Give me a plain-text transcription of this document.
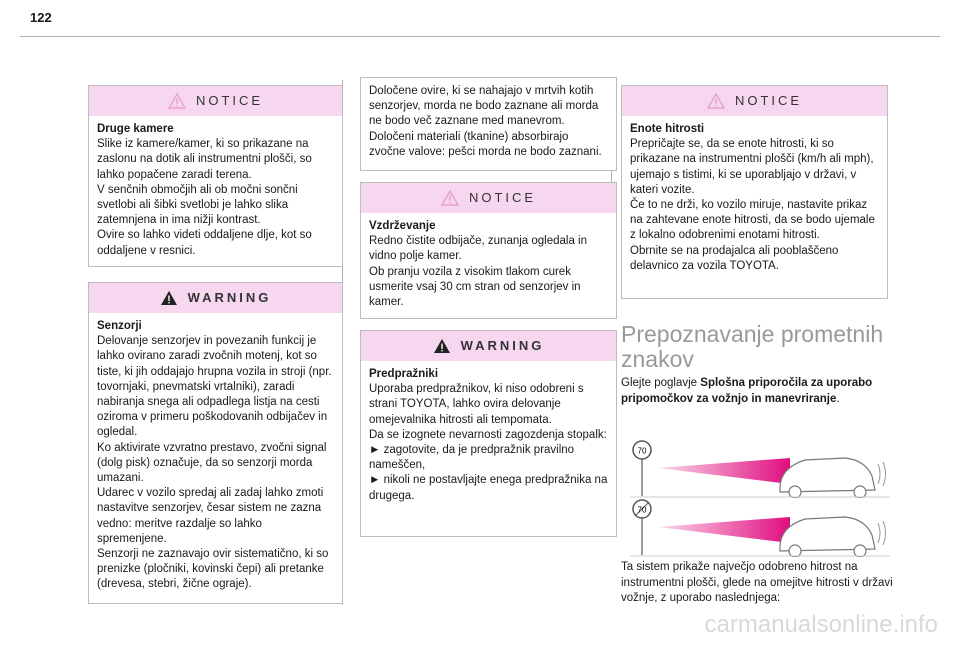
122
NOTICE
Druge kamere

Slike iz kamere/kamer, ki so prikazane na zaslonu na dotik ali instrumentni plošči, so lahko popačene zaradi terena.
V senčnih območjih ali ob močni sončni svetlobi ali šibki svetlobi je lahko slika zatemnjena in ima nižji kontrast.
Ovire so lahko videti oddaljene dlje, kot so oddaljene v resnici.

WARNING
Senzorji

Delovanje senzorjev in povezanih funkcij je lahko ovirano zaradi zvočnih motenj, kot so tiste, ki jih oddajajo hrupna vozila in stroji (npr. tovornjaki, pnevmatski vrtalniki), zaradi nabiranja snega ali odpadlega listja na cesti oziroma v primeru poškodovanih odbijačev in ogledal.
Ko aktivirate vzvratno prestavo, zvočni signal (dolg pisk) označuje, da so senzorji morda umazani.
Udarec v vozilo spredaj ali zadaj lahko zmoti nastavitve senzorjev, česar sistem ne zazna vedno: meritve razdalje so lahko spremenjene.
Senzorji ne zaznavajo ovir sistematično, ki so prenizke (pločniki, kovinski čepi) ali pretanke (drevesa, stebri, žične ograje).

Določene ovire, ki se nahajajo v mrtvih kotih senzorjev, morda ne bodo zaznane ali morda ne bodo več zaznane med manevrom.
Določeni materiali (tkanine) absorbirajo zvočne valove: pešci morda ne bodo zaznani.

NOTICE
Vzdrževanje

Redno čistite odbijače, zunanja ogledala in vidno polje kamer.
Ob pranju vozila z visokim tlakom curek usmerite vsaj 30 cm stran od senzorjev in kamer.

WARNING
Predpražniki

Uporaba predpražnikov, ki niso odobreni s strani TOYOTA, lahko ovira delovanje omejevalnika hitrosti ali tempomata.
Da se izognete nevarnosti zagozdenja stopalk:
► zagotovite, da je predpražnik pravilno nameščen,
► nikoli ne postavljajte enega predpražnika na drugega.

NOTICE
Enote hitrosti

Prepričajte se, da se enote hitrosti, ki so prikazane na instrumentni plošči (km/h ali mph), ujemajo s tistimi, ki se uporabljajo v državi, v kateri vozite.
Če to ne drži, ko vozilo miruje, nastavite prikaz na zahtevane enote hitrosti, da se bodo ujemale z lokalno odobrenimi enotami hitrosti.
Obrnite se na prodajalca ali pooblaščeno delavnico za vozila TOYOTA.

Prepoznavanje prometnih znakov
Glejte poglavje Splošna priporočila za uporabo pripomočkov za vožnjo in manevriranje.
70
70
Ta sistem prikaže največjo odobreno hitrost na instrumentni plošči, glede na omejitve hitrosti v državi vožnje, z uporabo naslednjega:
carmanualsonline.info
